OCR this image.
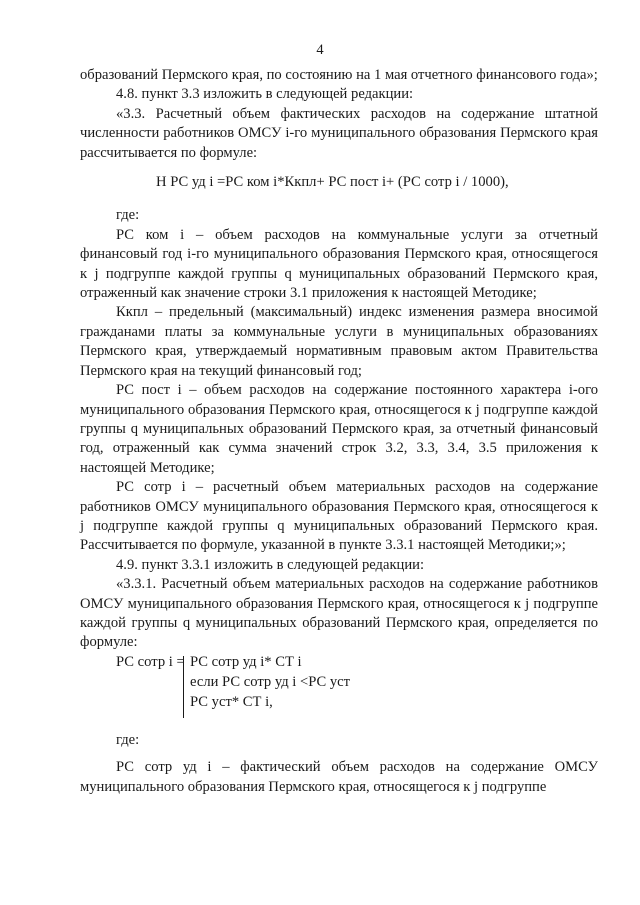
4

образований Пермского края, по состоянию на 1 мая отчетного финансового года»;

4.8. пункт 3.3 изложить в следующей редакции:

«3.3. Расчетный объем фактических расходов на содержание штатной численности работников ОМСУ i-го муниципального образования Пермского края рассчитывается по формуле:

Н РС уд i =РС ком i*Ккпл+ РС пост i+ (РС сотр i / 1000),

где:

РС ком i – объем расходов на коммунальные услуги за отчетный финансовый год i-го муниципального образования Пермского края, относящегося к j подгруппе каждой группы q муниципальных образований Пермского края, отраженный как значение строки 3.1 приложения к настоящей Методике;

Ккпл – предельный (максимальный) индекс изменения размера вносимой гражданами платы за коммунальные услуги в муниципальных образованиях Пермского края, утверждаемый нормативным правовым актом Правительства Пермского края на текущий финансовый год;

РС пост i – объем расходов на содержание постоянного характера i-ого муниципального образования Пермского края, относящегося к j подгруппе каждой группы q муниципальных образований Пермского края, за отчетный финансовый год, отраженный как сумма значений строк 3.2, 3.3, 3.4, 3.5 приложения к настоящей Методике;

РС сотр i – расчетный объем материальных расходов на содержание работников ОМСУ муниципального образования Пермского края, относящегося к j подгруппе каждой группы q муниципальных образований Пермского края. Рассчитывается по формуле, указанной в пункте 3.3.1 настоящей Методики;»;

4.9. пункт 3.3.1 изложить в следующей редакции:

«3.3.1. Расчетный объем материальных расходов на содержание работников ОМСУ муниципального образования Пермского края, относящегося к j подгруппе каждой группы q муниципальных образований Пермского края, определяется по формуле:

РС сотр i = РС сотр уд i* СТ i
если РС сотр уд i <РС уст
РС уст* СТ i,

где:

РС сотр уд i – фактический объем расходов на содержание ОМСУ муниципального образования Пермского края, относящегося к j подгруппе
